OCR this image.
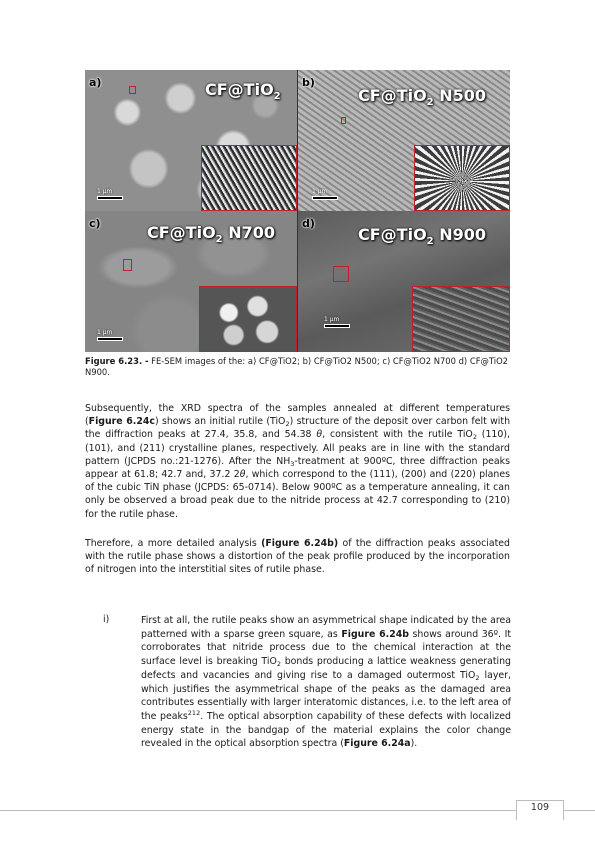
a)	CF@TiO$_2$
1 µm
b)
CF@TiO$_2$ N500
1 µm
c)	CF@TiO$_2$ N700
1 µm
d)
CF@TiO$_2$ N900
1 µm
Figure 6.23. - FE-SEM images of the: a) CF@TiO2; b) CF@TiO2 N500; c) CF@TiO2 N700 d) CF@TiO2 N900.
Subsequently, the XRD spectra of the samples annealed at different temperatures (Figure 6.24c) shows an initial rutile (TiO$_2$) structure of the deposit over carbon felt with the diffraction peaks at 27.4, 35.8, and 54.38 θ, consistent with the rutile TiO$_2$ (110), (101), and (211) crystalline planes, respectively. All peaks are in line with the standard pattern (JCPDS no.:21-1276). After the $NH_3$-treatment at 900ºC, three diffraction peaks appear at 61.8; 42.7 and, 37.2 2θ, which correspond to the (111), (200) and (220) planes of the cubic TiN phase (JCPDS: 65-0714). Below 900ºC as a temperature annealing, it can only be observed a broad peak due to the nitride process at 42.7 corresponding to (210) for the rutile phase.
Therefore, a more detailed analysis (Figure 6.24b) of the diffraction peaks associated with the rutile phase shows a distortion of the peak profile produced by the incorporation of nitrogen into the interstitial sites of rutile phase.
i)	First at all, the rutile peaks show an asymmetrical shape indicated by the area patterned with a sparse green square, as Figure 6.24b shows around 36º. It corroborates that nitride process due to the chemical interaction at the surface level is breaking TiO$_2$ bonds producing a lattice weakness generating defects and vacancies and giving rise to a damaged outermost TiO$_2$ layer, which justifies the asymmetrical shape of the peaks as the damaged area contributes essentially with larger interatomic distances, i.e. to the left area of the peaks$^{212}$. The optical absorption capability of these defects with localized energy state in the bandgap of the material explains the color change revealed in the optical absorption spectra (Figure 6.24a).
109
